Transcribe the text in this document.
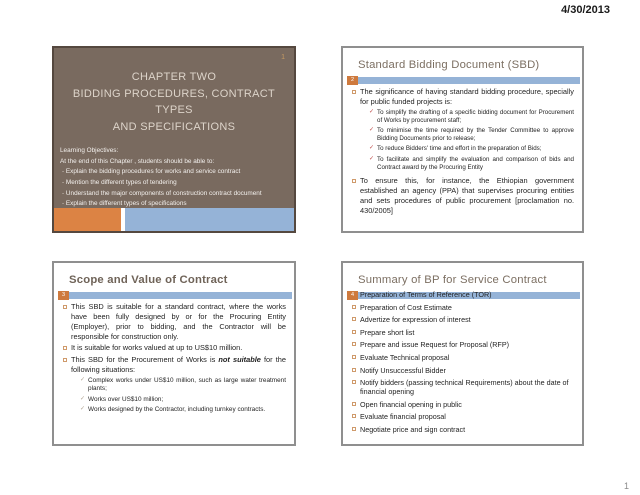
4/30/2013
1
CHAPTER TWO
BIDDING PROCEDURES, CONTRACT TYPES
AND SPECIFICATIONS
Learning Objectives:
At the end of this Chapter , students should be able to:
- Explain the bidding procedures for works and service contract
- Mention the different types of tendering
- Understand the major components of construction contract document
- Explain the different types of specifications
Standard Bidding Document (SBD)
2
The significance of having standard bidding procedure, specially for public funded projects is:
✓
To simplify the drafting of a specific bidding document for Procurement of Works by procurement staff;
✓
To minimise the time required by the Tender Committee to approve Bidding Documents prior to release;
✓
To reduce Bidders' time and effort in the preparation of Bids;
✓
To facilitate and simplify the evaluation and comparison of bids and Contract award by the Procuring Entity
To ensure this, for instance, the Ethiopian government established an agency (PPA) that supervises procuring entities and sets procedures of public procurement [proclamation no. 430/2005]
Scope and Value of Contract
3
This SBD is suitable for a standard contract, where the works have been fully designed by or for the Procuring Entity (Employer), prior to bidding, and the Contractor will be responsible for construction only.
It is suitable for works valued at up to US$10 million.
This SBD for the Procurement of Works is not suitable for the following situations:
✓
Complex works under US$10 million, such as large water treatment plants;
✓
Works over US$10 million;
✓
Works designed by the Contractor, including turnkey contracts.
Summary of BP for Service Contract
4 Preparation of Terms of Reference (TOR)
Preparation of Cost Estimate
Advertize for expression of interest
Prepare short list
Prepare and issue Request for Proposal (RFP)
Evaluate Technical proposal
Notify Unsuccessful Bidder
Notify bidders (passing technical Requirements) about the date of financial opening
Open financial opening in public
Evaluate financial proposal
Negotiate price and sign contract
1
